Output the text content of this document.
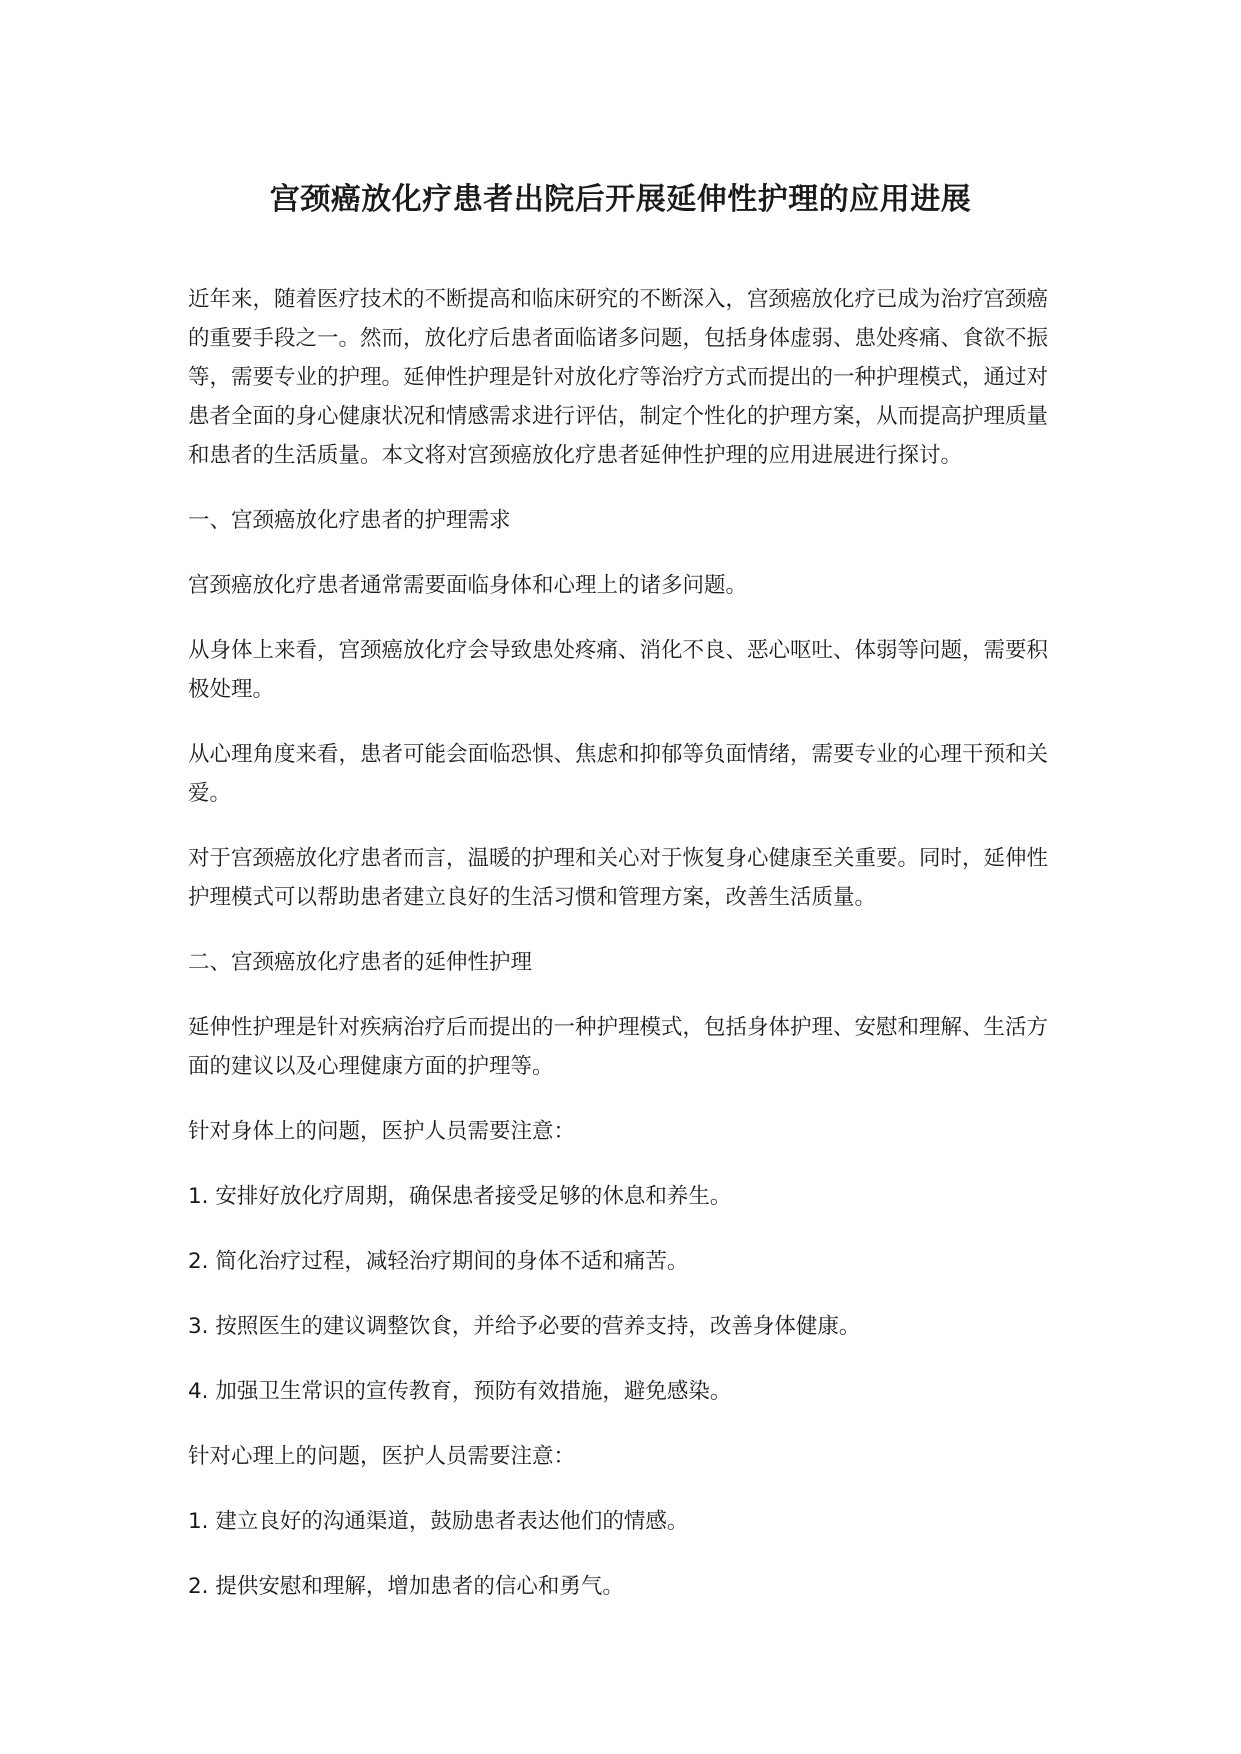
宫颈癌放化疗患者出院后开展延伸性护理的应用进展

近年来，随着医疗技术的不断提高和临床研究的不断深入，宫颈癌放化疗已成为治疗宫颈癌的重要手段之一。然而，放化疗后患者面临诸多问题，包括身体虚弱、患处疼痛、食欲不振等，需要专业的护理。延伸性护理是针对放化疗等治疗方式而提出的一种护理模式，通过对患者全面的身心健康状况和情感需求进行评估，制定个性化的护理方案，从而提高护理质量和患者的生活质量。本文将对宫颈癌放化疗患者延伸性护理的应用进展进行探讨。

一、宫颈癌放化疗患者的护理需求

宫颈癌放化疗患者通常需要面临身体和心理上的诸多问题。

从身体上来看，宫颈癌放化疗会导致患处疼痛、消化不良、恶心呕吐、体弱等问题，需要积极处理。

从心理角度来看，患者可能会面临恐惧、焦虑和抑郁等负面情绪，需要专业的心理干预和关爱。

对于宫颈癌放化疗患者而言，温暖的护理和关心对于恢复身心健康至关重要。同时，延伸性护理模式可以帮助患者建立良好的生活习惯和管理方案，改善生活质量。

二、宫颈癌放化疗患者的延伸性护理

延伸性护理是针对疾病治疗后而提出的一种护理模式，包括身体护理、安慰和理解、生活方面的建议以及心理健康方面的护理等。

针对身体上的问题，医护人员需要注意：

1. 安排好放化疗周期，确保患者接受足够的休息和养生。

2. 简化治疗过程，减轻治疗期间的身体不适和痛苦。

3. 按照医生的建议调整饮食，并给予必要的营养支持，改善身体健康。

4. 加强卫生常识的宣传教育，预防有效措施，避免感染。

针对心理上的问题，医护人员需要注意：

1. 建立良好的沟通渠道，鼓励患者表达他们的情感。

2. 提供安慰和理解，增加患者的信心和勇气。
